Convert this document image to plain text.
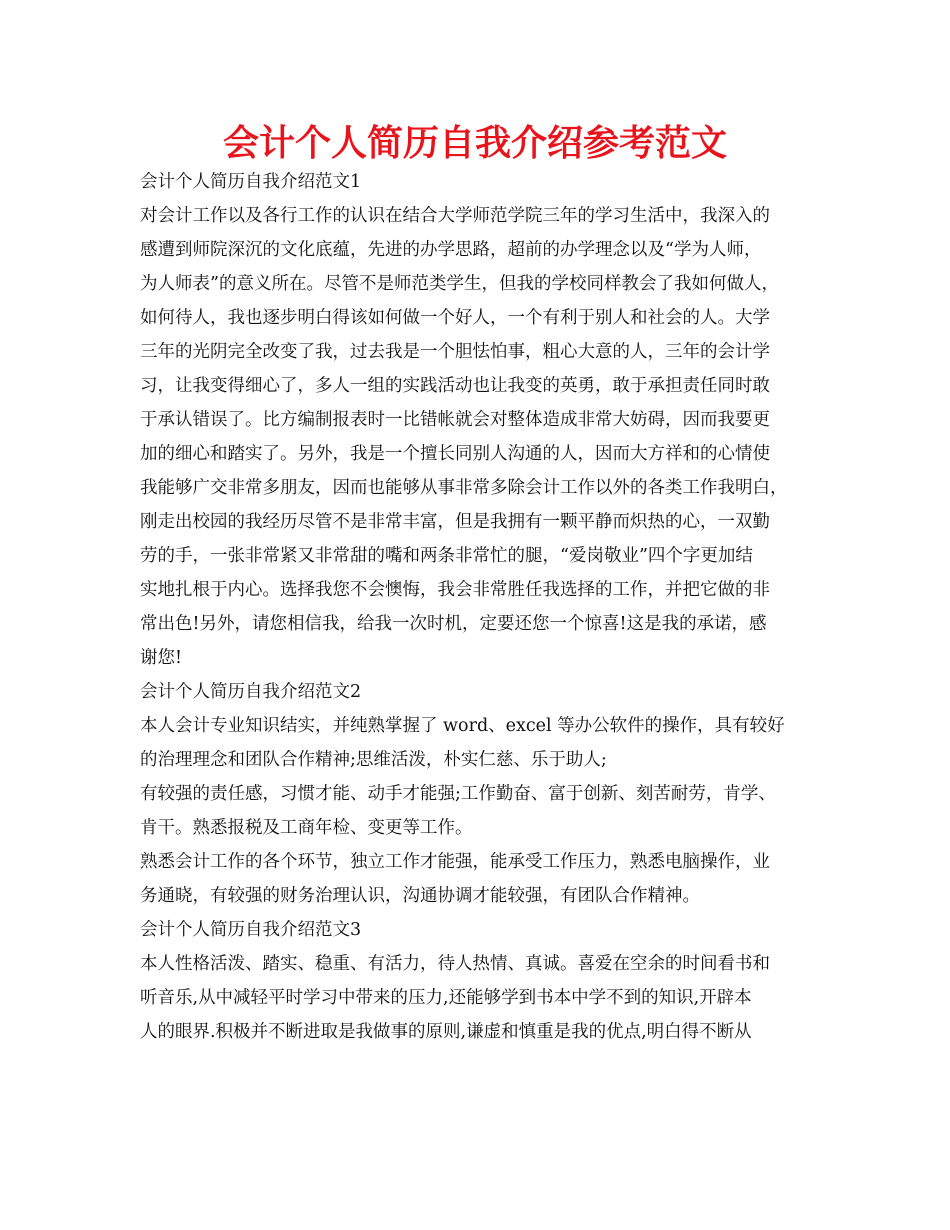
会计个人简历自我介绍参考范文

会计个人简历自我介绍范文1

对会计工作以及各行工作的认识在结合大学师范学院三年的学习生活中，我深入的

感遭到师院深沉的文化底蕴，先进的办学思路，超前的办学理念以及“学为人师，

为人师表”的意义所在。尽管不是师范类学生，但我的学校同样教会了我如何做人，

如何待人，我也逐步明白得该如何做一个好人，一个有利于别人和社会的人。大学

三年的光阴完全改变了我，过去我是一个胆怯怕事，粗心大意的人，三年的会计学

习，让我变得细心了，多人一组的实践活动也让我变的英勇，敢于承担责任同时敢

于承认错误了。比方编制报表时一比错帐就会对整体造成非常大妨碍，因而我要更

加的细心和踏实了。另外，我是一个擅长同别人沟通的人，因而大方祥和的心情使

我能够广交非常多朋友，因而也能够从事非常多除会计工作以外的各类工作我明白，

刚走出校园的我经历尽管不是非常丰富，但是我拥有一颗平静而炽热的心，一双勤

劳的手，一张非常紧又非常甜的嘴和两条非常忙的腿，“爱岗敬业”四个字更加结

实地扎根于内心。选择我您不会懊悔，我会非常胜任我选择的工作，并把它做的非

常出色!另外，请您相信我，给我一次时机，定要还您一个惊喜!这是我的承诺，感

谢您!

会计个人简历自我介绍范文2

本人会计专业知识结实，并纯熟掌握了 word、excel 等办公软件的操作，具有较好

的治理理念和团队合作精神;思维活泼，朴实仁慈、乐于助人;

有较强的责任感，习惯才能、动手才能强;工作勤奋、富于创新、刻苦耐劳，肯学、

肯干。熟悉报税及工商年检、变更等工作。

熟悉会计工作的各个环节，独立工作才能强，能承受工作压力，熟悉电脑操作，业

务通晓，有较强的财务治理认识，沟通协调才能较强，有团队合作精神。

会计个人简历自我介绍范文3

本人性格活泼、踏实、稳重、有活力，待人热情、真诚。喜爱在空余的时间看书和

听音乐,从中减轻平时学习中带来的压力,还能够学到书本中学不到的知识,开辟本

人的眼界.积极并不断进取是我做事的原则,谦虚和慎重是我的优点,明白得不断从
